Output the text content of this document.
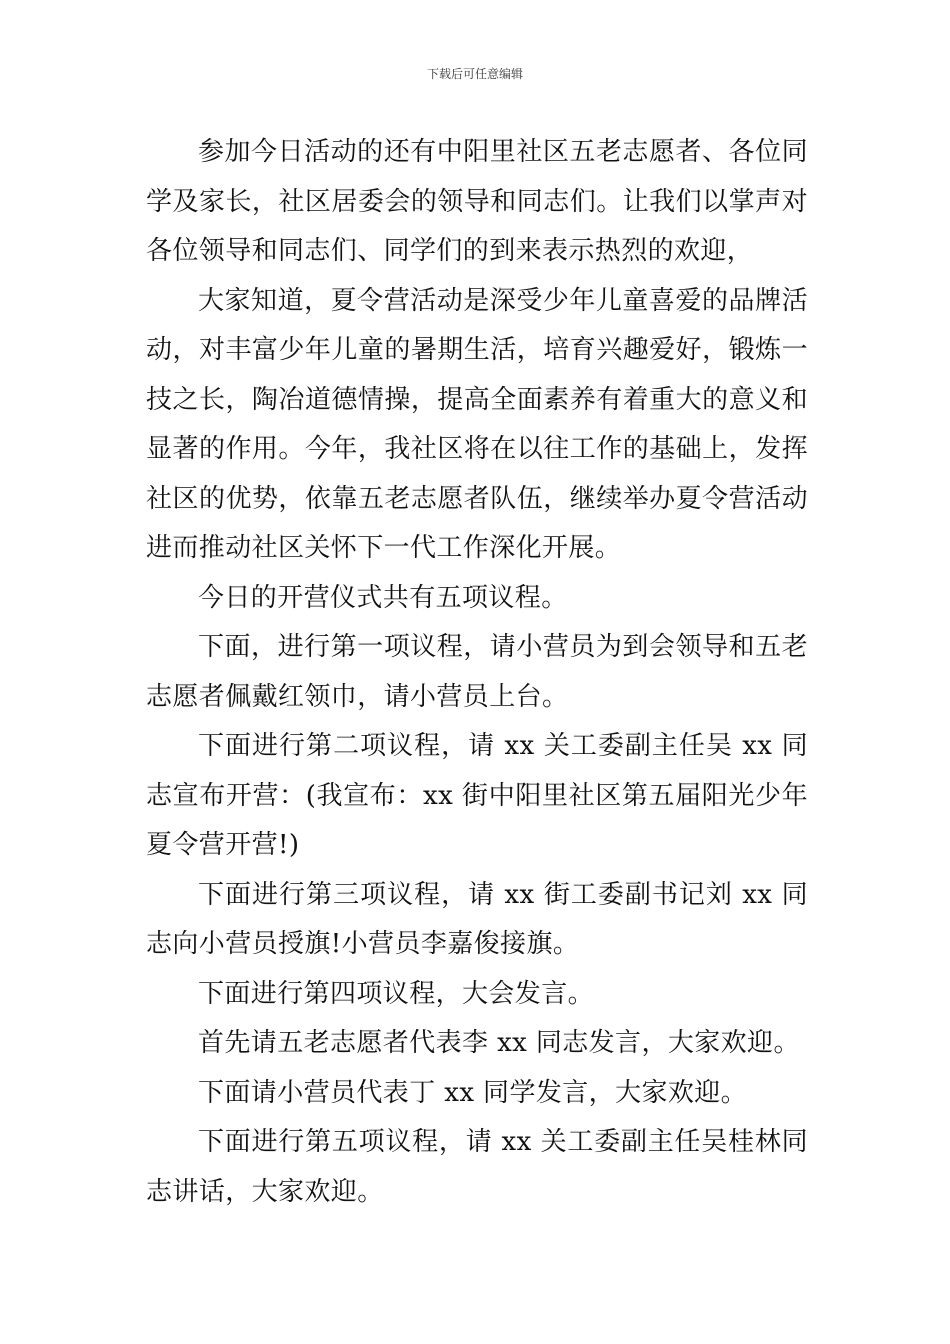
下载后可任意编辑

参加今日活动的还有中阳里社区五老志愿者、各位同学及家长，社区居委会的领导和同志们。让我们以掌声对各位领导和同志们、同学们的到来表示热烈的欢迎，

大家知道，夏令营活动是深受少年儿童喜爱的品牌活动，对丰富少年儿童的暑期生活，培育兴趣爱好，锻炼一技之长，陶冶道德情操，提高全面素养有着重大的意义和显著的作用。今年，我社区将在以往工作的基础上，发挥社区的优势，依靠五老志愿者队伍，继续举办夏令营活动进而推动社区关怀下一代工作深化开展。

今日的开营仪式共有五项议程。

下面，进行第一项议程，请小营员为到会领导和五老志愿者佩戴红领巾，请小营员上台。

下面进行第二项议程，请 xx 关工委副主任吴 xx 同志宣布开营：(我宣布：xx 街中阳里社区第五届阳光少年夏令营开营!)

下面进行第三项议程，请 xx 街工委副书记刘 xx 同志向小营员授旗!小营员李嘉俊接旗。

下面进行第四项议程，大会发言。

首先请五老志愿者代表李 xx 同志发言，大家欢迎。

下面请小营员代表丁 xx 同学发言，大家欢迎。

下面进行第五项议程，请 xx 关工委副主任吴桂林同志讲话，大家欢迎。
